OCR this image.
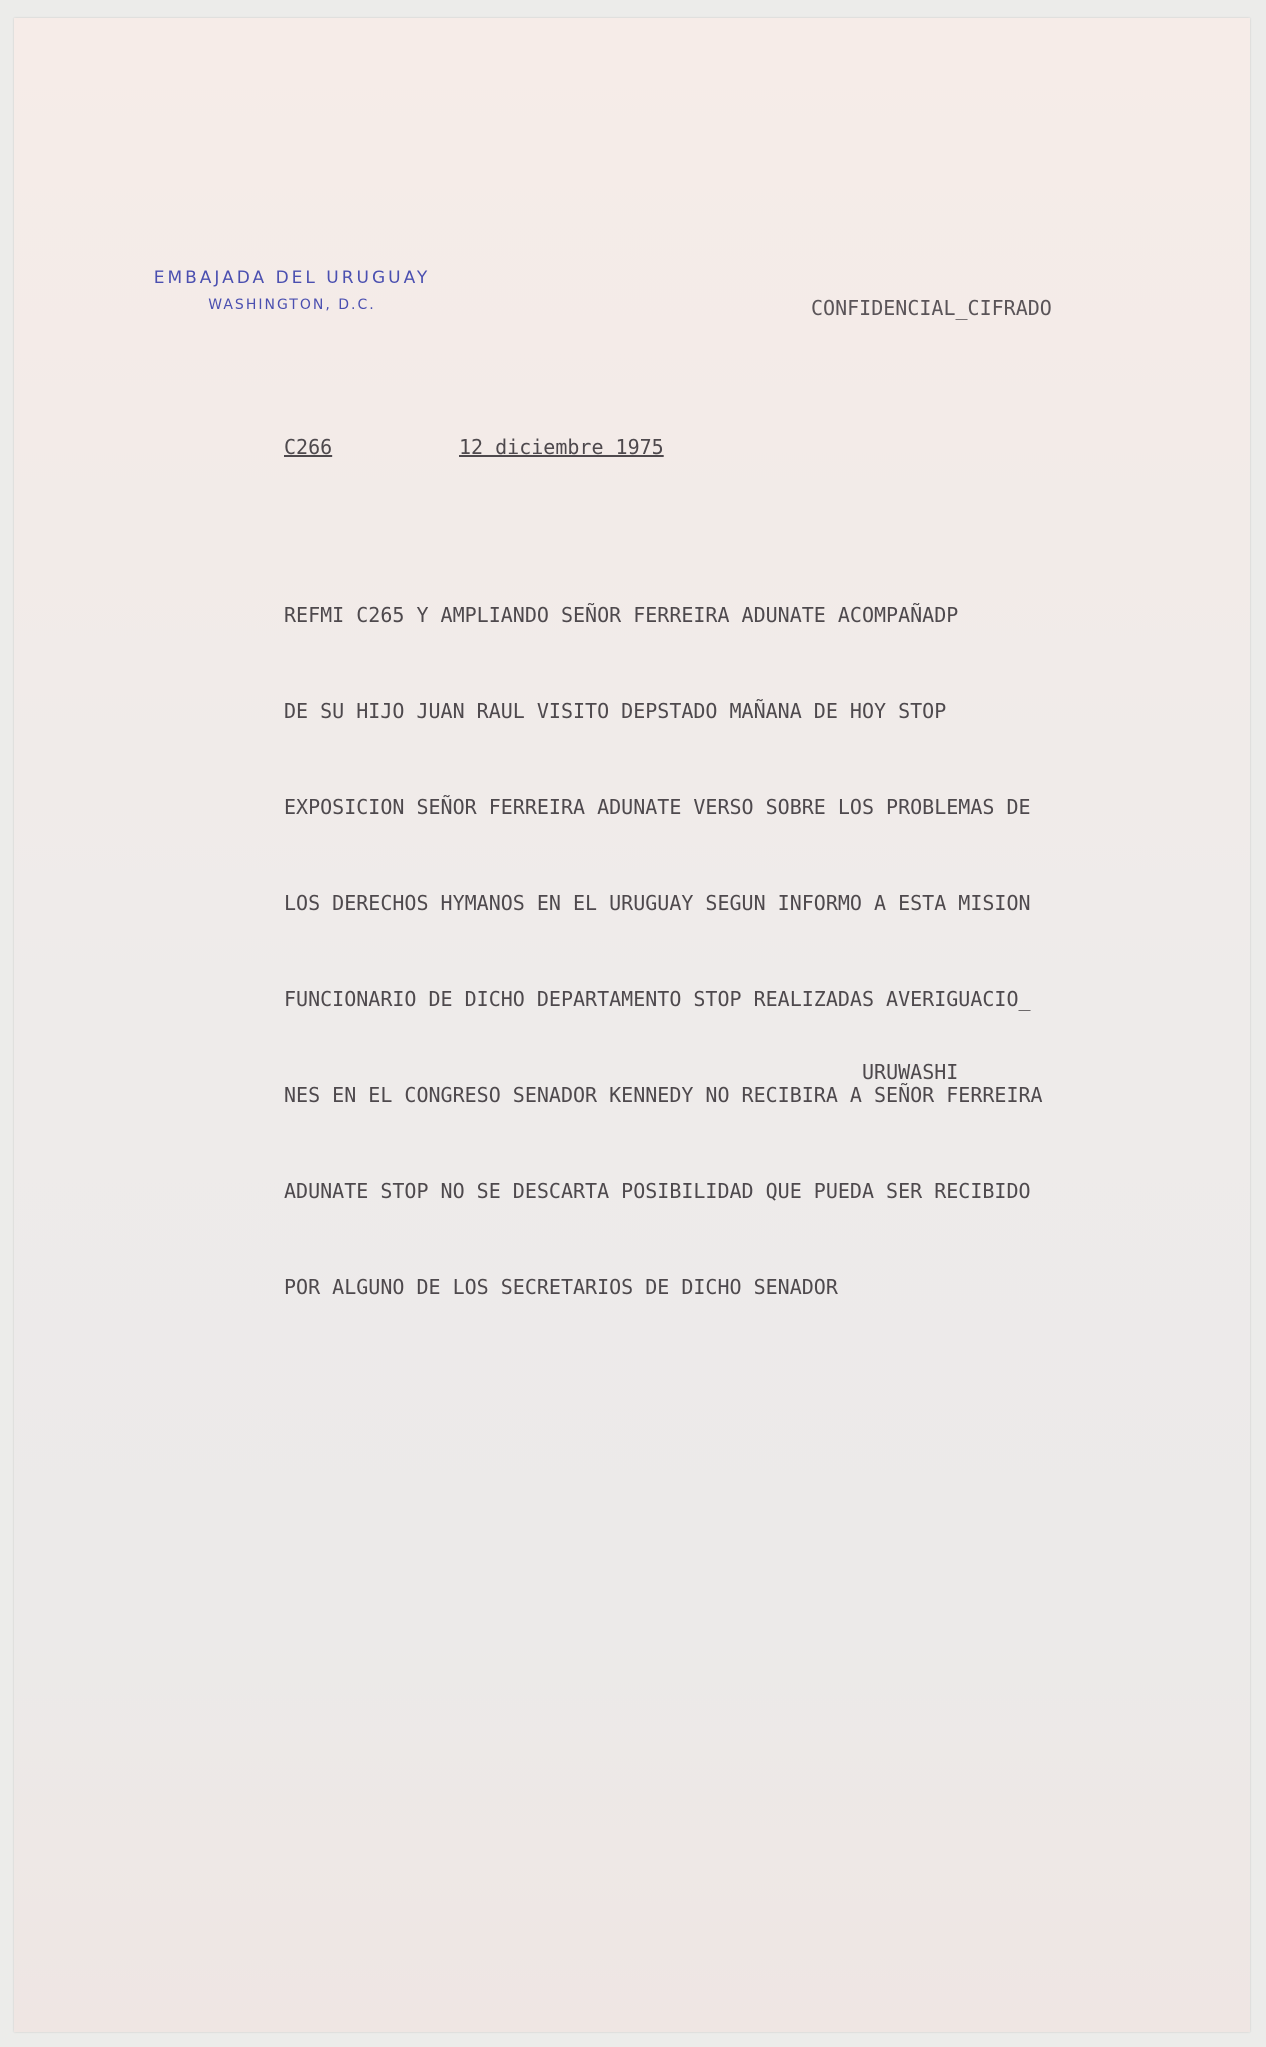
EMBAJADA DEL URUGUAY
WASHINGTON, D.C.	CONFIDENCIAL_CIFRADO
C266	12 diciembre 1975

REFMI C265 Y AMPLIANDO SEÑOR FERREIRA ADUNATE ACOMPAÑADP

DE SU HIJO JUAN RAUL VISITO DEPSTADO MAÑANA DE HOY STOP

EXPOSICION SEÑOR FERREIRA ADUNATE VERSO SOBRE LOS PROBLEMAS DE

LOS DERECHOS HYMANOS EN EL URUGUAY SEGUN INFORMO A ESTA MISION

FUNCIONARIO DE DICHO DEPARTAMENTO STOP REALIZADAS AVERIGUACIO_

NES EN EL CONGRESO SENADOR KENNEDY NO RECIBIRA A SEÑOR FERREIRA

ADUNATE STOP NO SE DESCARTA POSIBILIDAD QUE PUEDA SER RECIBIDO

POR ALGUNO DE LOS SECRETARIOS DE DICHO SENADOR

URUWASHI
